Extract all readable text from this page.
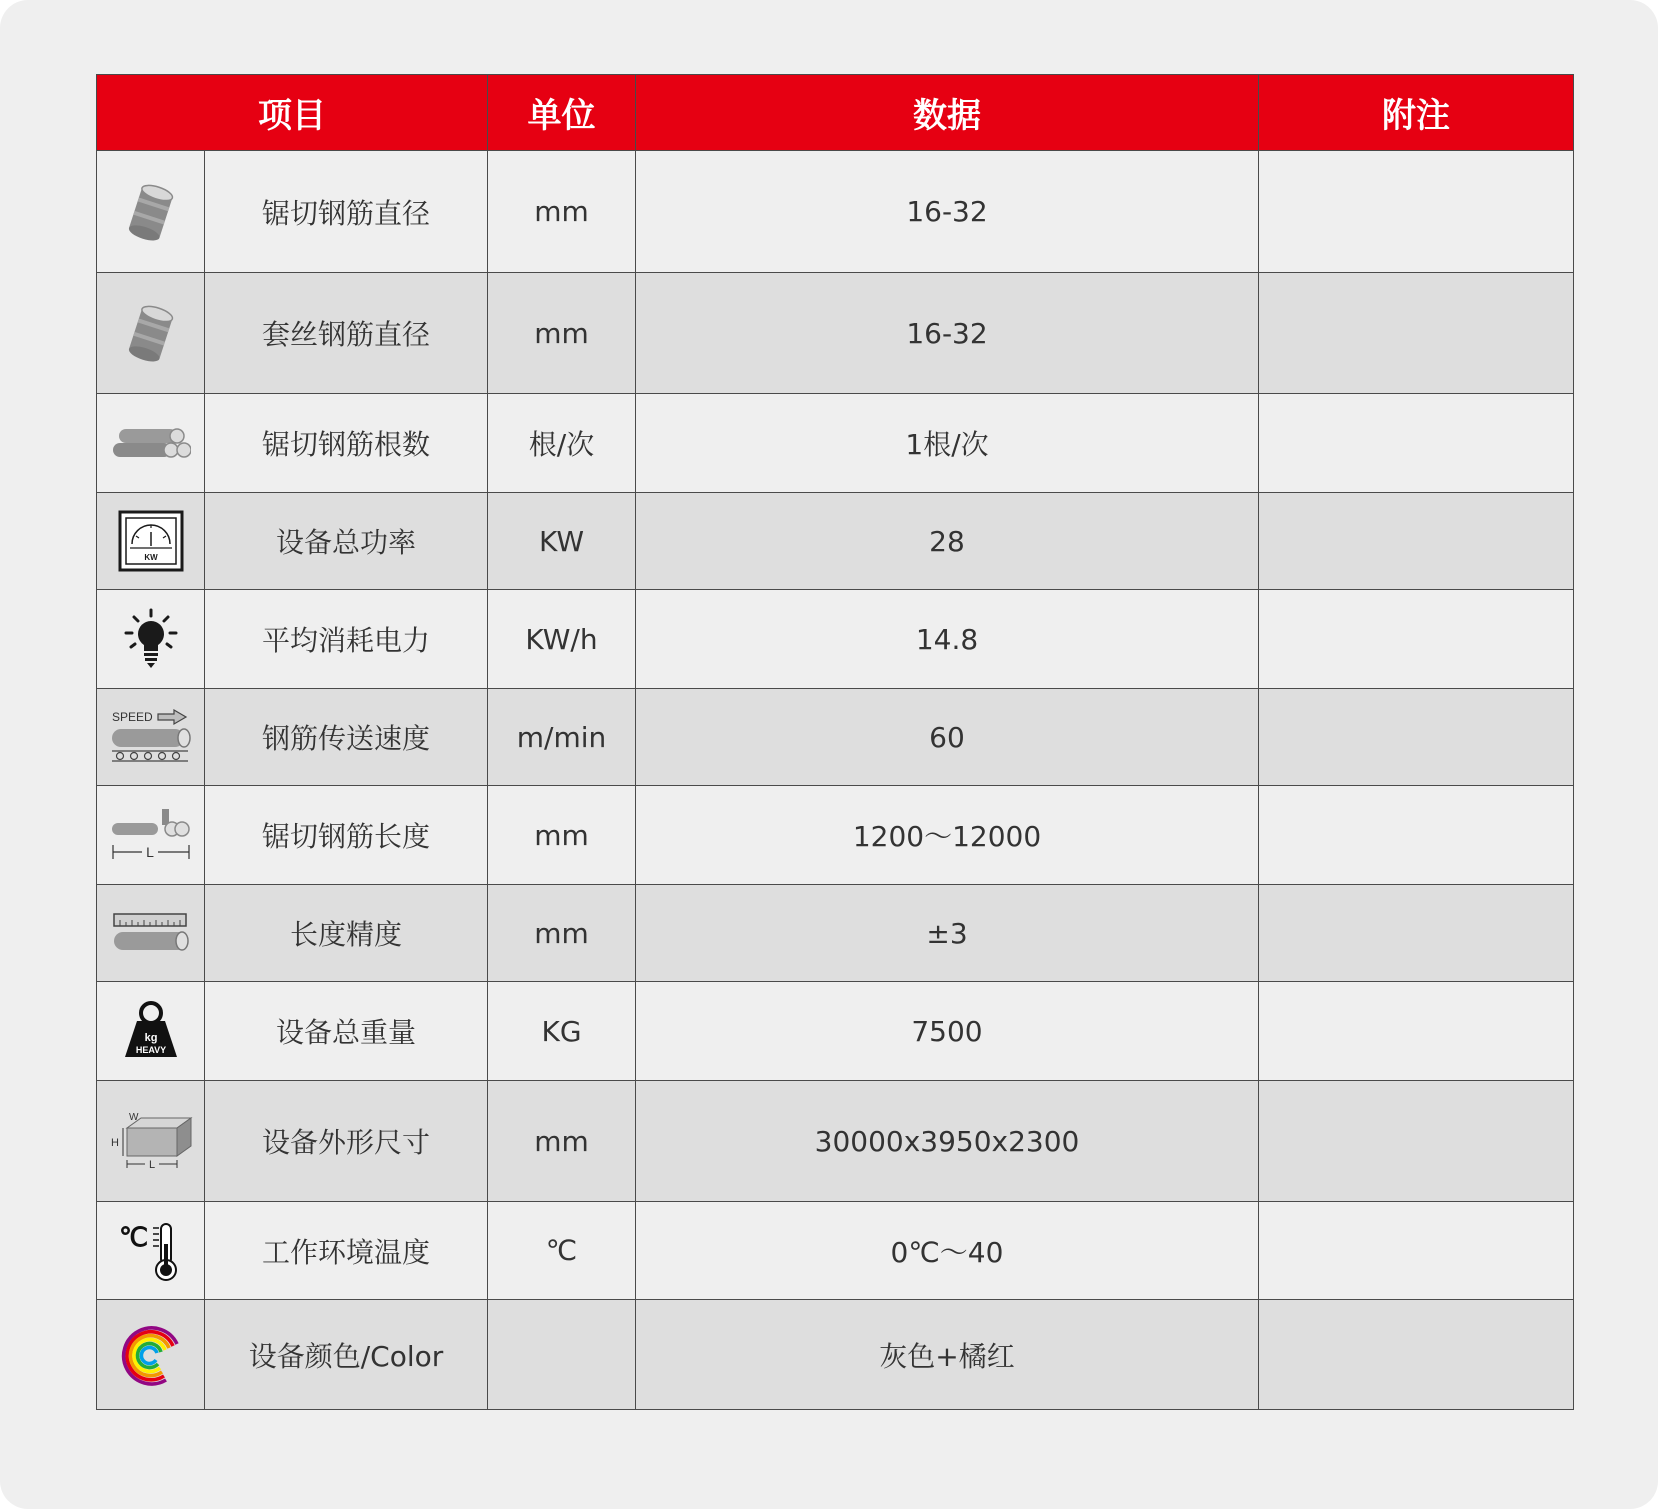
项目		单位	数据	附注

	锯切钢筋直径	mm	16-32	

	套丝钢筋直径	mm	16-32	

	锯切钢筋根数	根/次	1根/次	

KW	设备总功率	KW	28	

	平均消耗电力	KW/h	14.8	

SPEED	钢筋传送速度	m/min	60	

L	锯切钢筋长度	mm	1200～12000	

	长度精度	mm	±3	

kg
HEAVY	设备总重量	KG	7500	

H
W
L	设备外形尺寸	mm	30000x3950x2300	

℃	工作环境温度	℃	0℃～40	

	设备颜色/Color		灰色+橘红	
